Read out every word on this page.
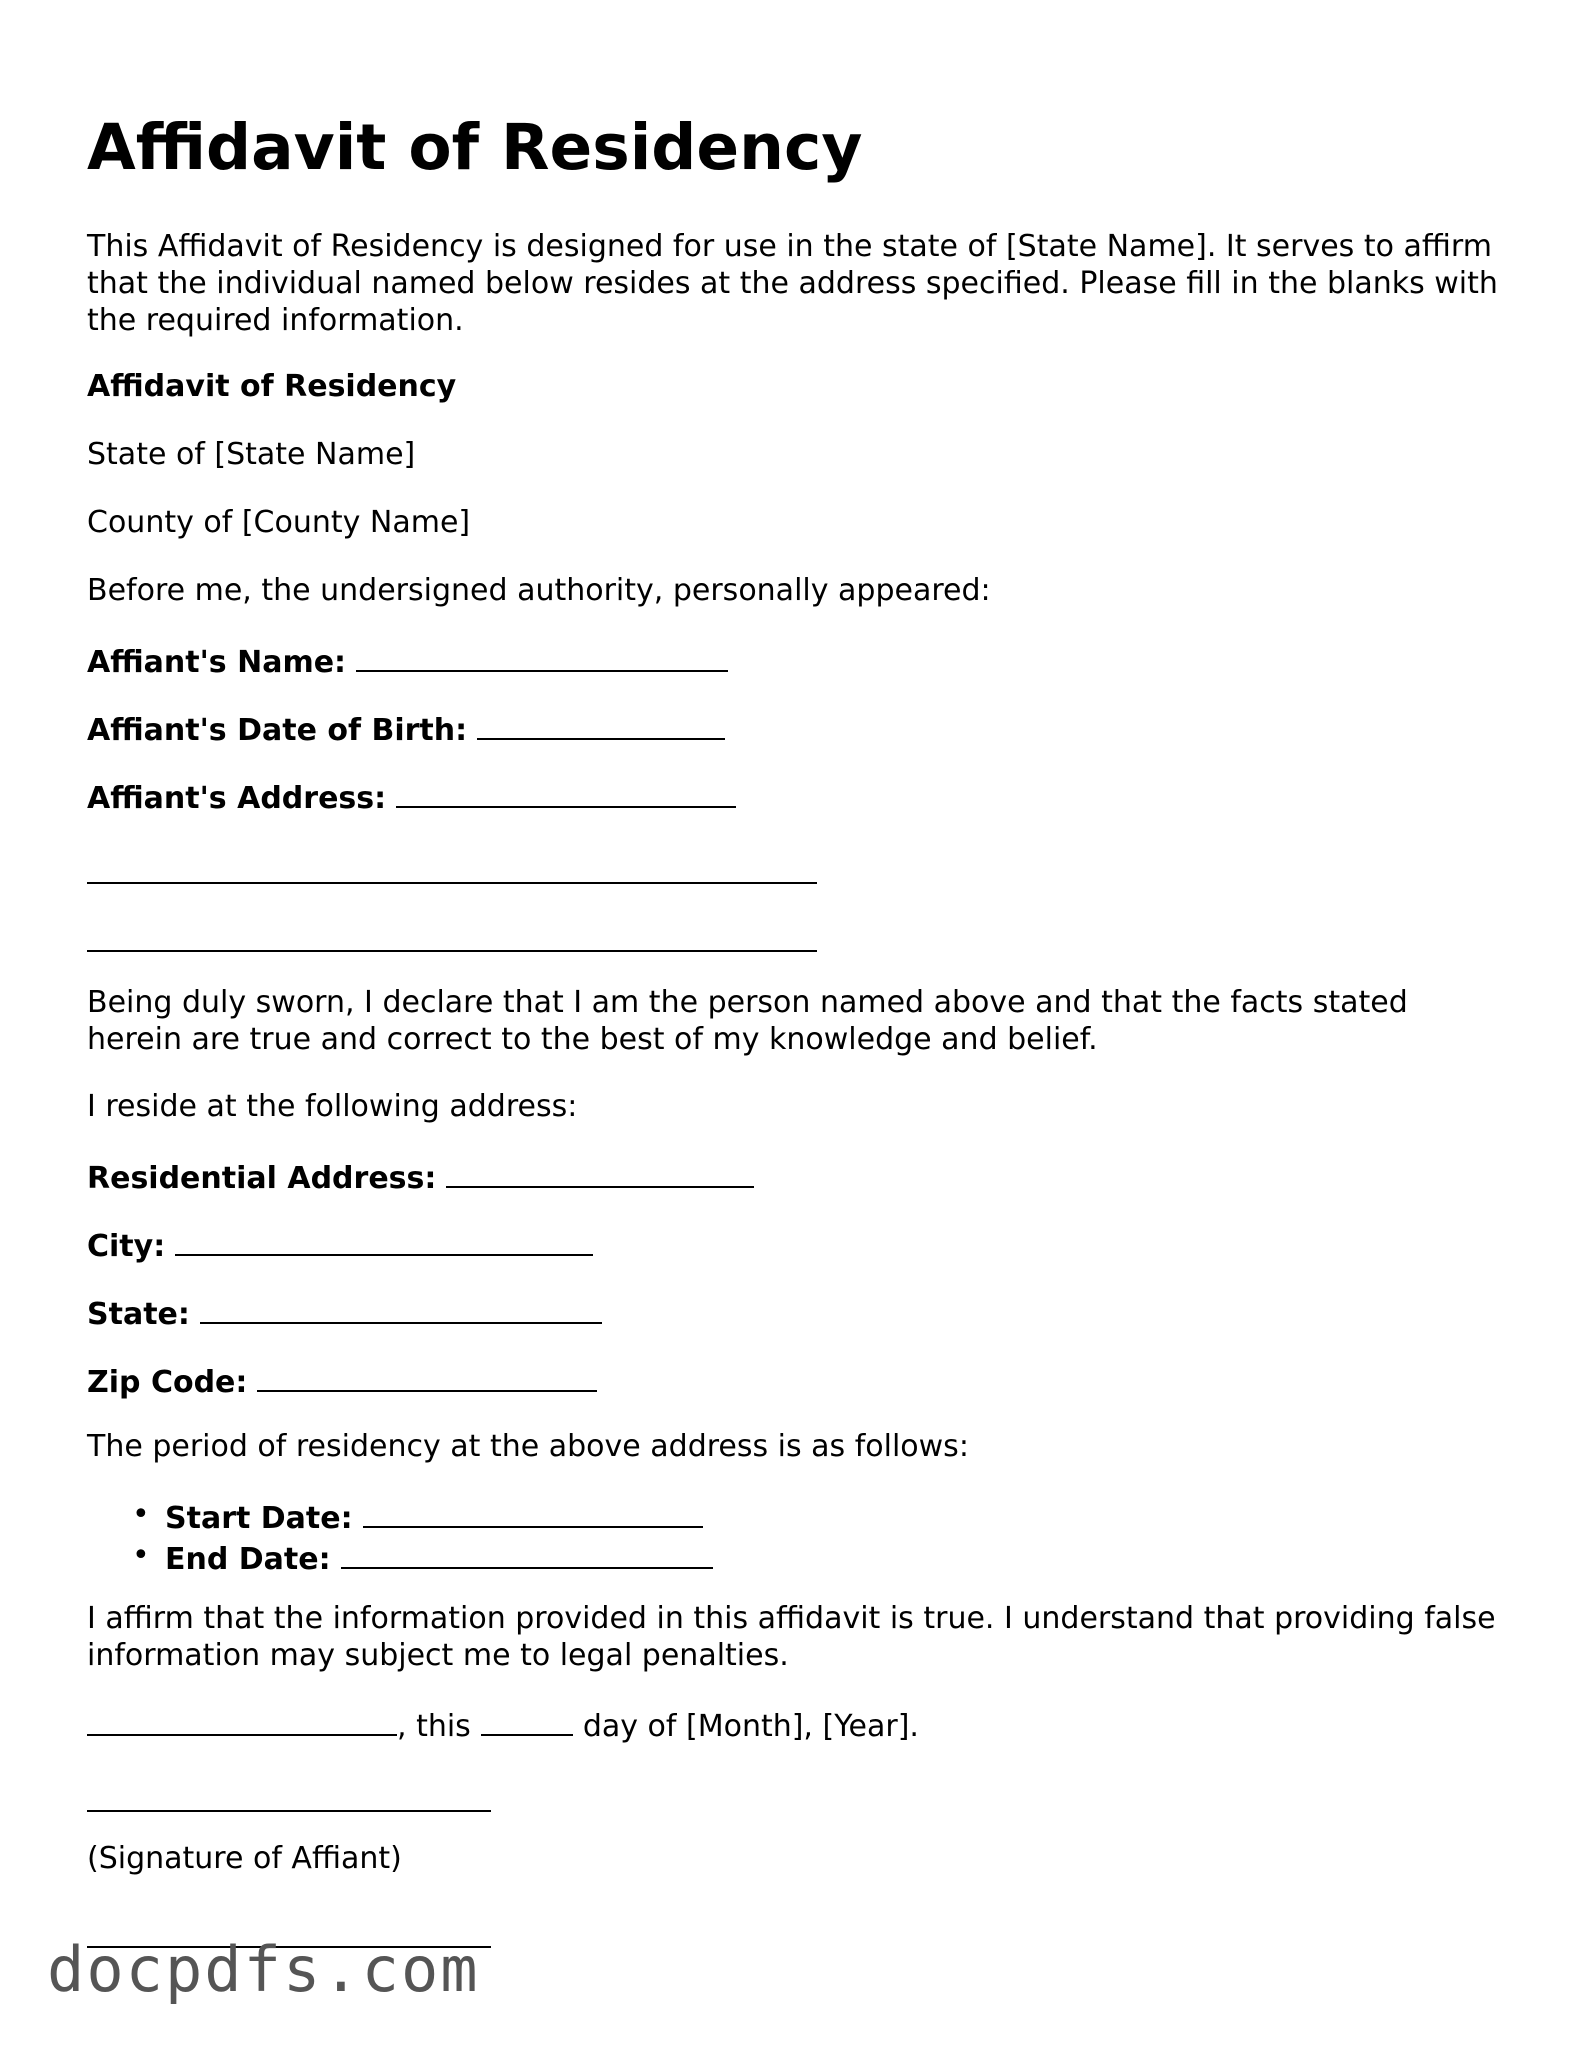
Affidavit of Residency

This Affidavit of Residency is designed for use in the state of [State Name]. It serves to affirm that the individual named below resides at the address specified. Please fill in the blanks with the required information.

Affidavit of Residency

State of [State Name]

County of [County Name]

Before me, the undersigned authority, personally appeared:

Affiant's Name:

Affiant's Date of Birth:

Affiant's Address:

Being duly sworn, I declare that I am the person named above and that the facts stated herein are true and correct to the best of my knowledge and belief.

I reside at the following address:

Residential Address:

City:

State:

Zip Code:

The period of residency at the above address is as follows:

• Start Date:
• End Date:

I affirm that the information provided in this affidavit is true. I understand that providing false information may subject me to legal penalties.

, this	day of [Month], [Year].

(Signature of Affiant)

docpdfs.com
